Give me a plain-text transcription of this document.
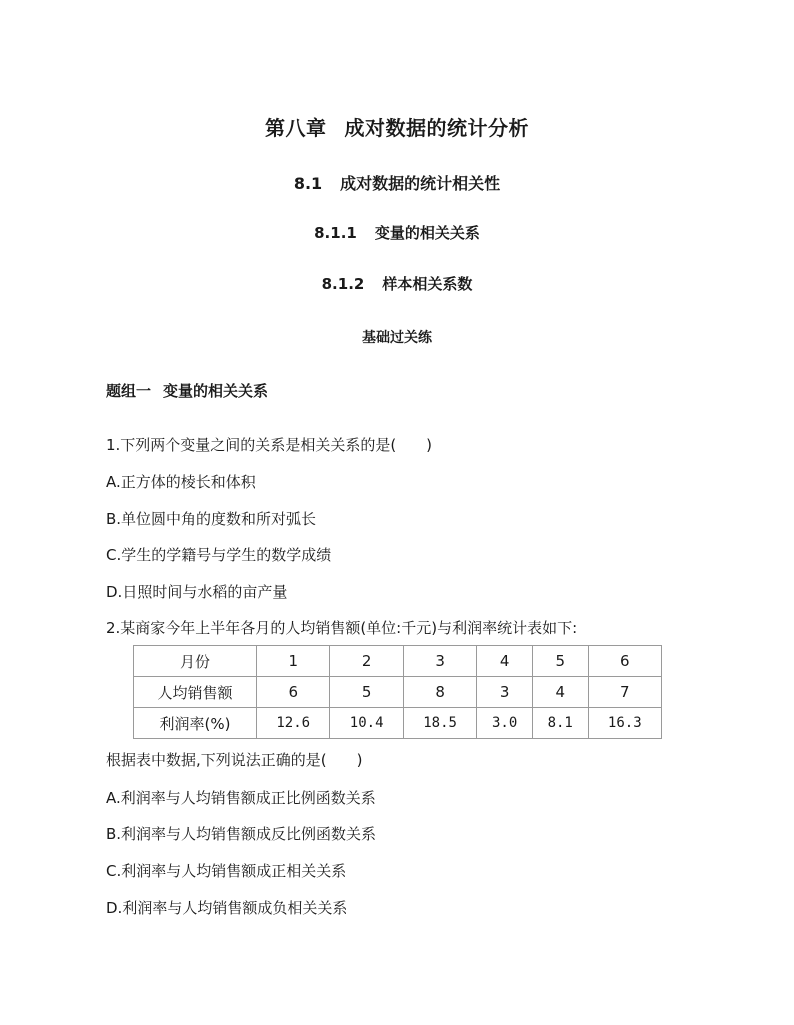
第八章 成对数据的统计分析
8.1 成对数据的统计相关性
8.1.1 变量的相关关系
8.1.2 样本相关系数
基础过关练
题组一 变量的相关关系
1.下列两个变量之间的关系是相关关系的是(　　)
A.正方体的棱长和体积
B.单位圆中角的度数和所对弧长
C.学生的学籍号与学生的数学成绩
D.日照时间与水稻的亩产量
2.某商家今年上半年各月的人均销售额(单位:千元)与利润率统计表如下:
月份	1	2	3	4	5	6
人均销售额	6	5	8	3	4	7
利润率(%)	12.6	10.4	18.5	3.0	8.1	16.3
根据表中数据,下列说法正确的是(　　)
A.利润率与人均销售额成正比例函数关系
B.利润率与人均销售额成反比例函数关系
C.利润率与人均销售额成正相关关系
D.利润率与人均销售额成负相关关系
